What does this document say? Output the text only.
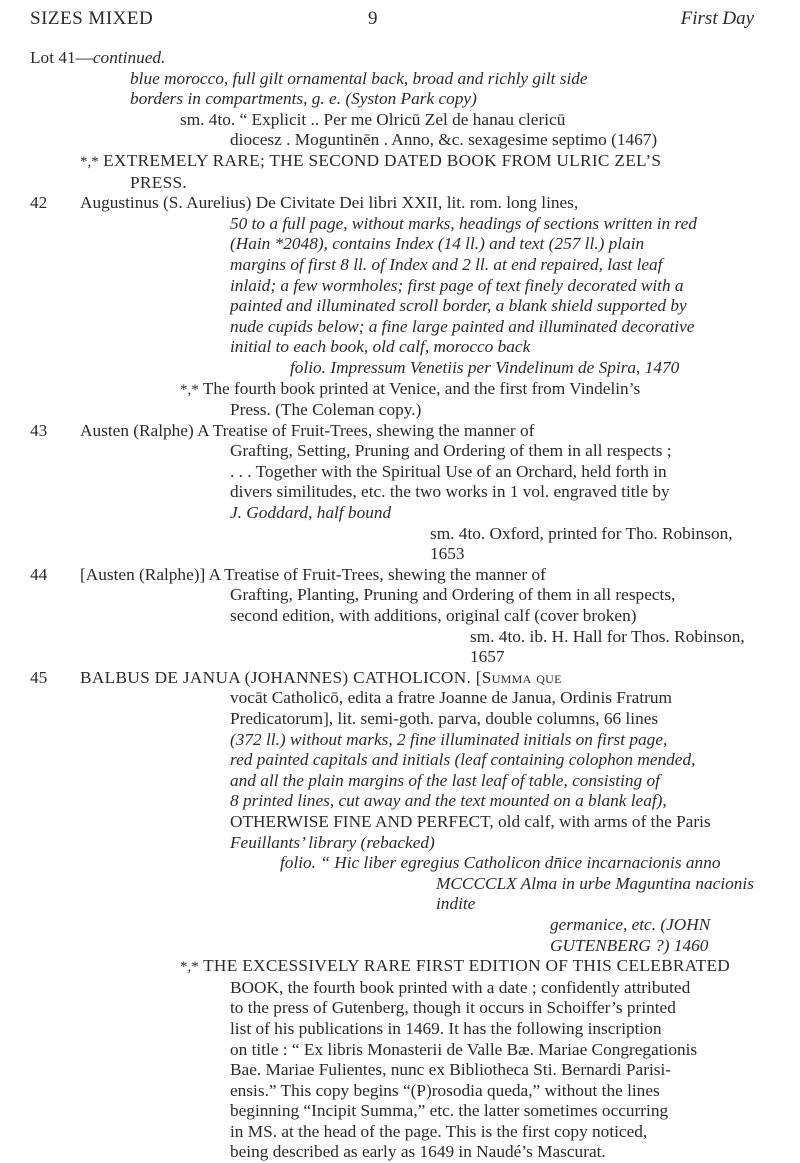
SIZES MIXED	9	First Day

Lot 41—continued.

blue morocco, full gilt ornamental back, broad and richly gilt side

borders in compartments, g. e. (Syston Park copy)

sm. 4to. “ Explicit .. Per me Olricū Zel de hanau clericū

diocesz . Moguntinēn . Anno, &c. sexagesime septimo (1467)

*,* EXTREMELY RARE; THE SECOND DATED BOOK FROM ULRIC ZEL’S

PRESS.

42	Augustinus (S. Aurelius) De Civitate Dei libri XXII, lit. rom. long lines,

50 to a full page, without marks, headings of sections written in red

(Hain *2048), contains Index (14 ll.) and text (257 ll.) plain

margins of first 8 ll. of Index and 2 ll. at end repaired, last leaf

inlaid; a few wormholes; first page of text finely decorated with a

painted and illuminated scroll border, a blank shield supported by

nude cupids below; a fine large painted and illuminated decorative

initial to each book, old calf, morocco back

folio. Impressum Venetiis per Vindelinum de Spira, 1470

*,* The fourth book printed at Venice, and the first from Vindelin’s

Press. (The Coleman copy.)

43	Austen (Ralphe) A Treatise of Fruit-Trees, shewing the manner of

Grafting, Setting, Pruning and Ordering of them in all respects ;

. . . Together with the Spiritual Use of an Orchard, held forth in

divers similitudes, etc. the two works in 1 vol. engraved title by

J. Goddard, half bound

sm. 4to. Oxford, printed for Tho. Robinson, 1653

44	[Austen (Ralphe)] A Treatise of Fruit-Trees, shewing the manner of

Grafting, Planting, Pruning and Ordering of them in all respects,

second edition, with additions, original calf (cover broken)

sm. 4to. ib. H. Hall for Thos. Robinson, 1657

45	BALBUS DE JANUA (JOHANNES) CATHOLICON. [Summa que

vocāt Catholicō, edita a fratre Joanne de Janua, Ordinis Fratrum

Predicatorum], lit. semi-goth. parva, double columns, 66 lines

(372 ll.) without marks, 2 fine illuminated initials on first page,

red painted capitals and initials (leaf containing colophon mended,

and all the plain margins of the last leaf of table, consisting of

8 printed lines, cut away and the text mounted on a blank leaf),

OTHERWISE FINE AND PERFECT, old calf, with arms of the Paris

Feuillants’ library (rebacked)

folio. “ Hic liber egregius Catholicon dn̄ice incarnacionis anno

MCCCCLX Alma in urbe Maguntina nacionis indite

germanice, etc. (JOHN GUTENBERG ?) 1460

*,* THE EXCESSIVELY RARE FIRST EDITION OF THIS CELEBRATED

BOOK, the fourth book printed with a date ; confidently attributed

to the press of Gutenberg, though it occurs in Schoiffer’s printed

list of his publications in 1469. It has the following inscription

on title : “ Ex libris Monasterii de Valle Bæ. Mariae Congregationis

Bae. Mariae Fulientes, nunc ex Bibliotheca Sti. Bernardi Parisi-

ensis.” This copy begins “(P)rosodia queda,” without the lines

beginning “Incipit Summa,” etc. the latter sometimes occurring

in MS. at the head of the page. This is the first copy noticed,

being described as early as 1649 in Naudé’s Mascurat.
